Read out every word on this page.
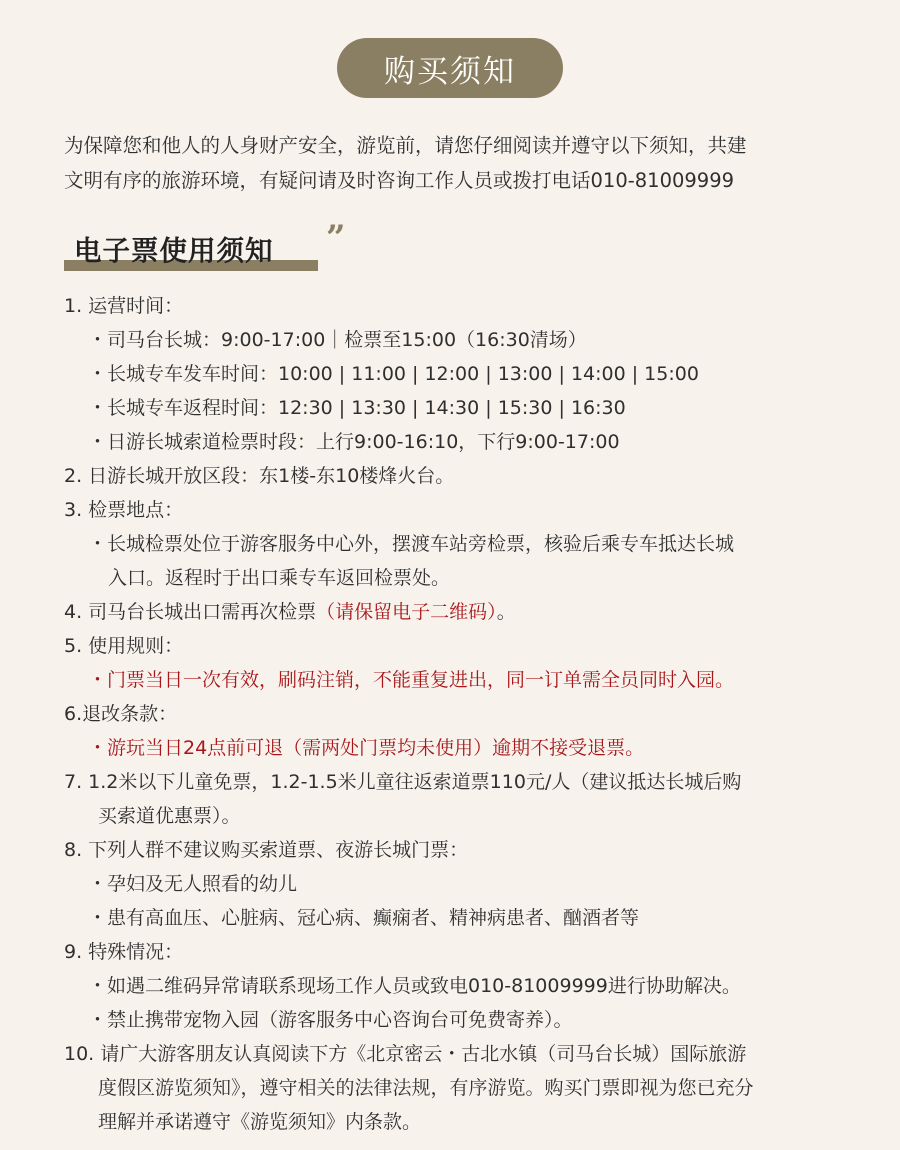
购买须知
为保障您和他人的人身财产安全，游览前，请您仔细阅读并遵守以下须知，共建
文明有序的旅游环境，有疑问请及时咨询工作人员或拨打电话010-81009999
电子票使用须知 ”
1. 运营时间：
・司马台长城：9:00-17:00｜检票至15:00（16:30清场）
・长城专车发车时间：10:00 | 11:00 | 12:00 | 13:00 | 14:00 | 15:00
・长城专车返程时间：12:30 | 13:30 | 14:30 | 15:30 | 16:30
・日游长城索道检票时段：上行9:00-16:10，下行9:00-17:00
2. 日游长城开放区段：东1楼-东10楼烽火台。
3. 检票地点：
・长城检票处位于游客服务中心外，摆渡车站旁检票，核验后乘专车抵达长城
入口。返程时于出口乘专车返回检票处。
4. 司马台长城出口需再次检票（请保留电子二维码）。
5. 使用规则：
・门票当日一次有效，刷码注销，不能重复进出，同一订单需全员同时入园。
6.退改条款：
・游玩当日24点前可退（需两处门票均未使用）逾期不接受退票。
7. 1.2米以下儿童免票，1.2-1.5米儿童往返索道票110元/人（建议抵达长城后购
买索道优惠票）。
8. 下列人群不建议购买索道票、夜游长城门票：
・孕妇及无人照看的幼儿
・患有高血压、心脏病、冠心病、癫痫者、精神病患者、酗酒者等
9. 特殊情况：
・如遇二维码异常请联系现场工作人员或致电010-81009999进行协助解决。
・禁止携带宠物入园（游客服务中心咨询台可免费寄养）。
10. 请广大游客朋友认真阅读下方《北京密云・古北水镇（司马台长城）国际旅游
度假区游览须知》，遵守相关的法律法规，有序游览。购买门票即视为您已充分
理解并承诺遵守《游览须知》内条款。
